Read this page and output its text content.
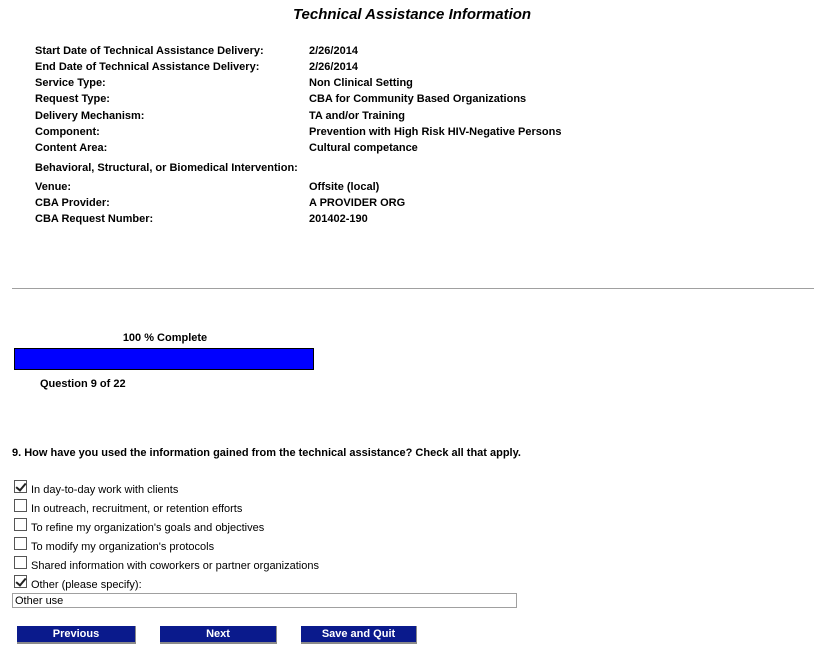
Technical Assistance Information
Start Date of Technical Assistance Delivery:	2/26/2014
End Date of Technical Assistance Delivery:	2/26/2014
Service Type:	Non Clinical Setting
Request Type:	CBA for Community Based Organizations
Delivery Mechanism:	TA and/or Training
Component:	Prevention with High Risk HIV-Negative Persons
Content Area:	Cultural competance
Behavioral, Structural, or Biomedical Intervention:
Venue:	Offsite (local)
CBA Provider:	A PROVIDER ORG
CBA Request Number:	201402-190
100 % Complete
Question 9 of 22
9. How have you used the information gained from the technical assistance? Check all that apply.
In day-to-day work with clients
In outreach, recruitment, or retention efforts
To refine my organization's goals and objectives
To modify my organization's protocols
Shared information with coworkers or partner organizations
Other (please specify):
Other use
Previous	Next	Save and Quit
